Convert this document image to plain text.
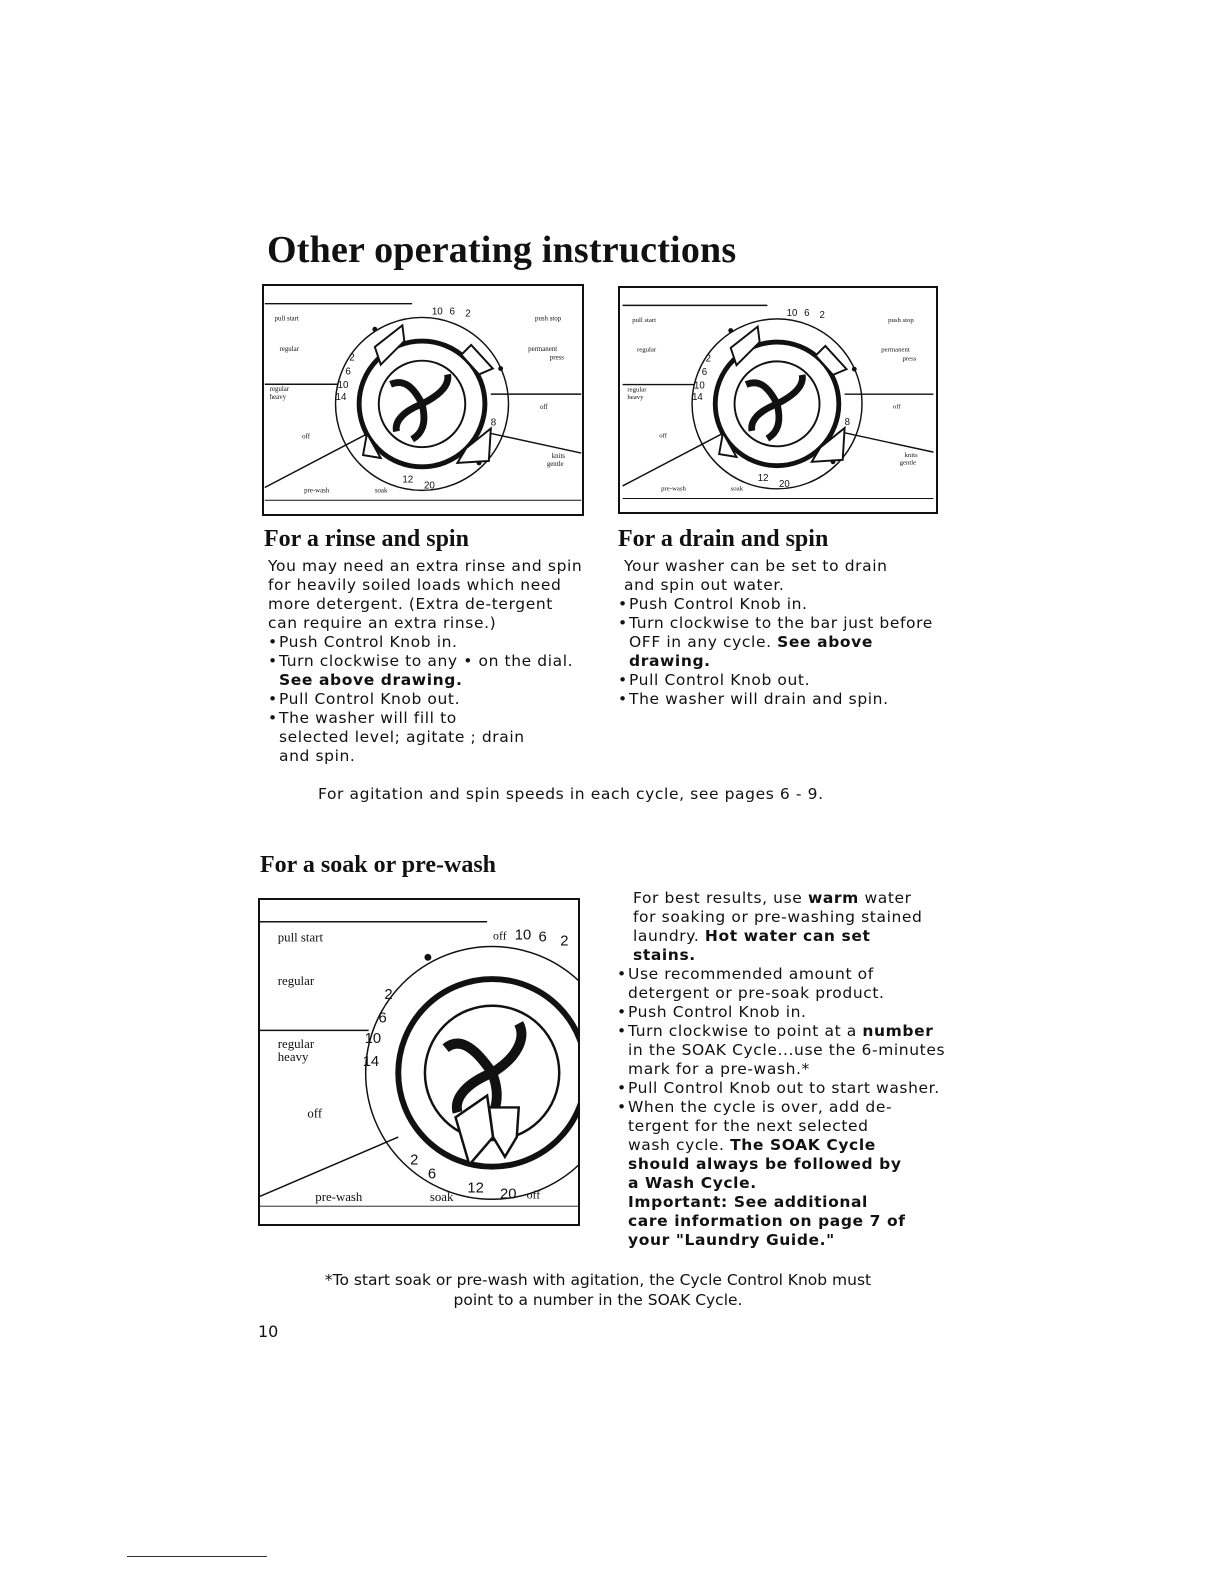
Other operating instructions
pull start	push stop
regular	permanent
press
regular
heavy
off
off
knits
gentle
pre-wash	soak
2
6
10
14
10 6 2
12
20
8
pull start	push stop
regular	permanent
press
regular
heavy
off
off
knits
gentle
pre-wash	soak
2
6
10
14
10 6 2
12
20
8
For a rinse and spin

You may need an extra rinse and spin for heavily soiled loads which need more detergent. (Extra de-tergent can require an extra rinse.)

• Push Control Knob in.
• Turn clockwise to any • on the dial. See above drawing.
• Pull Control Knob out.
• The washer will fill to selected level; agitate ; drain and spin.
For a drain and spin

Your washer can be set to drain and spin out water.

• Push Control Knob in.
• Turn clockwise to the bar just before OFF in any cycle. See above drawing.
• Pull Control Knob out.
• The washer will drain and spin.
For agitation and spin speeds in each cycle, see pages 6 - 9.
For a soak or pre-wash
pull start
regular
regular
heavy
off
pre-wash	soak	off
2
6
10
14
off 10 6 2
2
6
12 20

For best results, use warm water for soaking or pre-washing stained laundry. Hot water can set stains.

• Use recommended amount of detergent or pre-soak product.
• Push Control Knob in.
• Turn clockwise to point at a number in the SOAK Cycle...use the 6-minutes mark for a pre-wash.*
• Pull Control Knob out to start washer.
• When the cycle is over, add de-tergent for the next selected wash cycle. The SOAK Cycle should always be followed by a Wash Cycle.

Important: See additional care information on page 7 of your "Laundry Guide."

*To start soak or pre-wash with agitation, the Cycle Control Knob must point to a number in the SOAK Cycle.
10
